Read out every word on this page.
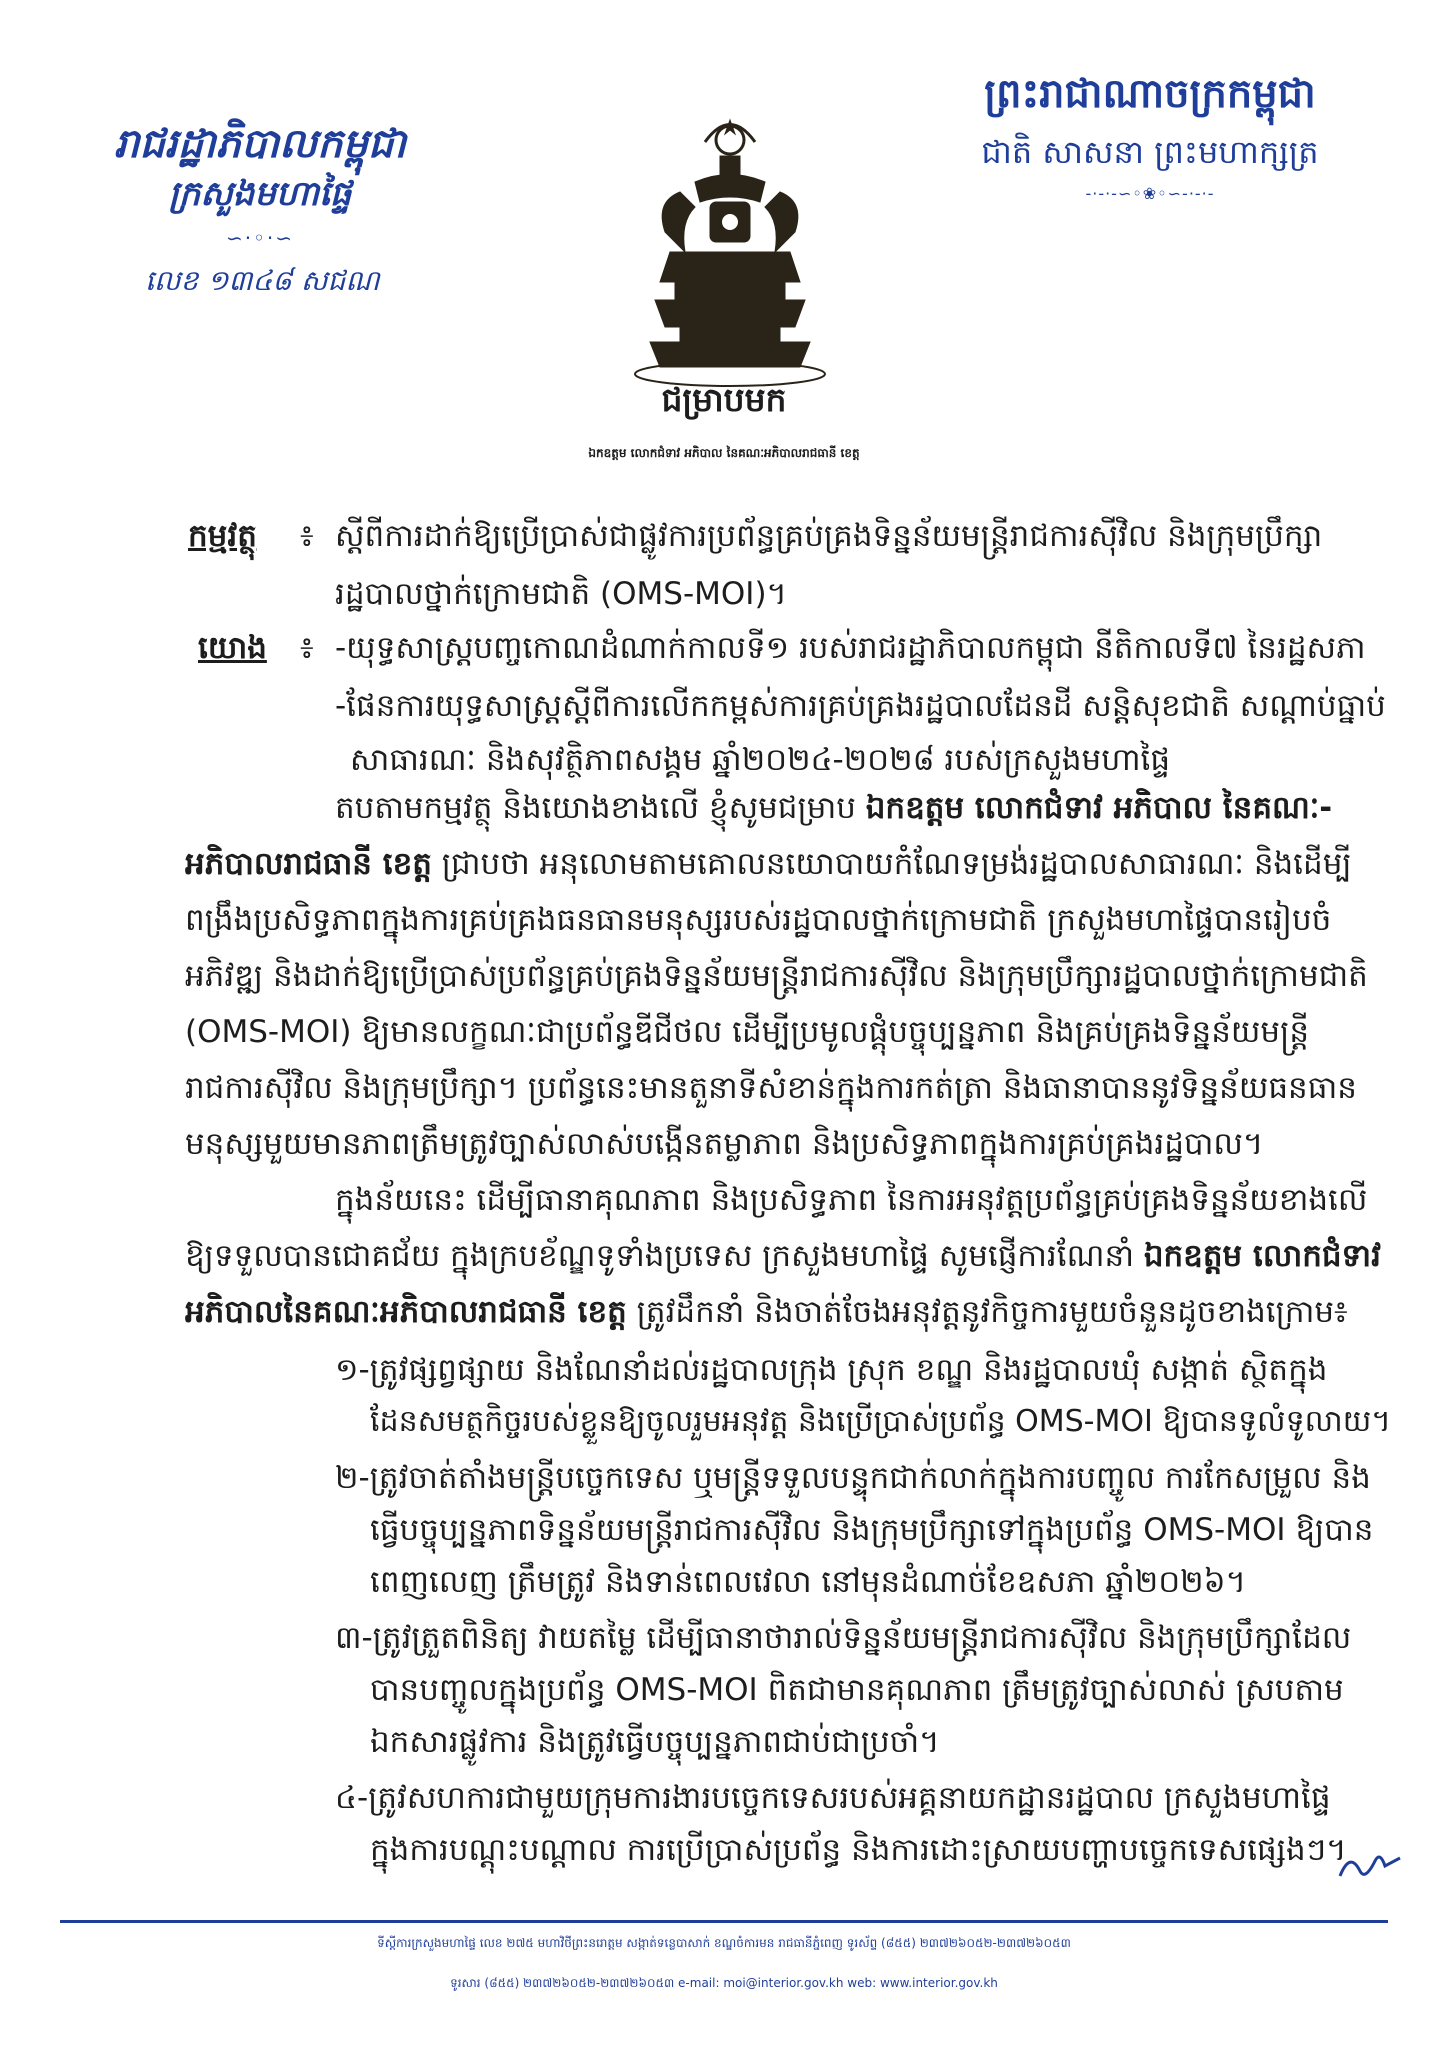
រាជរដ្ឋាភិបាលកម្ពុជា
ក្រសួងមហាផ្ទៃ
∽·◦·∽
លេខ ១៣៤៨ សជណ
ព្រះរាជាណាចក្រកម្ពុជា
ជាតិ សាសនា ព្រះមហាក្សត្រ
-·-·-∽◦❀◦∽-·-·-
ជម្រាបមក
ឯកឧត្តម លោកជំទាវ អភិបាល នៃគណៈអភិបាលរាជធានី ខេត្ត
កម្មវត្ថុ ៖ ស្តីពីការដាក់ឱ្យប្រើប្រាស់ជាផ្លូវការប្រព័ន្ធគ្រប់គ្រងទិន្នន័យមន្ត្រីរាជការស៊ីវិល និងក្រុមប្រឹក្សា
រដ្ឋបាលថ្នាក់ក្រោមជាតិ (OMS-MOI)។
យោង ៖ -យុទ្ធសាស្ត្របញ្ចកោណដំណាក់កាលទី១ របស់រាជរដ្ឋាភិបាលកម្ពុជា នីតិកាលទី៧ នៃរដ្ឋសភា
-ផែនការយុទ្ធសាស្ត្រស្តីពីការលើកកម្ពស់ការគ្រប់គ្រងរដ្ឋបាលដែនដី សន្តិសុខជាតិ សណ្តាប់ធ្នាប់
សាធារណៈ និងសុវត្ថិភាពសង្គម ឆ្នាំ២០២៤-២០២៨ របស់ក្រសួងមហាផ្ទៃ
តបតាមកម្មវត្ថុ និងយោងខាងលើ ខ្ញុំសូមជម្រាប ឯកឧត្តម លោកជំទាវ អភិបាល នៃគណៈ-
អភិបាលរាជធានី ខេត្ត ជ្រាបថា អនុលោមតាមគោលនយោបាយកំណែទម្រង់រដ្ឋបាលសាធារណៈ និងដើម្បី
ពង្រឹងប្រសិទ្ធភាពក្នុងការគ្រប់គ្រងធនធានមនុស្សរបស់រដ្ឋបាលថ្នាក់ក្រោមជាតិ ក្រសួងមហាផ្ទៃបានរៀបចំ
អភិវឌ្ឍ និងដាក់ឱ្យប្រើប្រាស់ប្រព័ន្ធគ្រប់គ្រងទិន្នន័យមន្ត្រីរាជការស៊ីវិល និងក្រុមប្រឹក្សារដ្ឋបាលថ្នាក់ក្រោមជាតិ
(OMS-MOI) ឱ្យមានលក្ខណៈជាប្រព័ន្ធឌីជីថល ដើម្បីប្រមូលផ្តុំបច្ចុប្បន្នភាព និងគ្រប់គ្រងទិន្នន័យមន្ត្រី
រាជការស៊ីវិល និងក្រុមប្រឹក្សា។ ប្រព័ន្ធនេះមានតួនាទីសំខាន់ក្នុងការកត់ត្រា និងធានាបាននូវទិន្នន័យធនធាន
មនុស្សមួយមានភាពត្រឹមត្រូវច្បាស់លាស់បង្កើនតម្លាភាព និងប្រសិទ្ធភាពក្នុងការគ្រប់គ្រងរដ្ឋបាល។
ក្នុងន័យនេះ ដើម្បីធានាគុណភាព និងប្រសិទ្ធភាព នៃការអនុវត្តប្រព័ន្ធគ្រប់គ្រងទិន្នន័យខាងលើ
ឱ្យទទួលបានជោគជ័យ ក្នុងក្របខ័ណ្ឌទូទាំងប្រទេស ក្រសួងមហាផ្ទៃ សូមផ្ញើការណែនាំ ឯកឧត្តម លោកជំទាវ
អភិបាលនៃគណៈអភិបាលរាជធានី ខេត្ត ត្រូវដឹកនាំ និងចាត់ចែងអនុវត្តនូវកិច្ចការមួយចំនួនដូចខាងក្រោម៖
១-ត្រូវផ្សព្វផ្សាយ និងណែនាំដល់រដ្ឋបាលក្រុង ស្រុក ខណ្ឌ និងរដ្ឋបាលឃុំ សង្កាត់ ស្ថិតក្នុង
ដែនសមត្ថកិច្ចរបស់ខ្លួនឱ្យចូលរួមអនុវត្ត និងប្រើប្រាស់ប្រព័ន្ធ OMS-MOI ឱ្យបានទូលំទូលាយ។
២-ត្រូវចាត់តាំងមន្ត្រីបច្ចេកទេស ឬមន្ត្រីទទួលបន្ទុកជាក់លាក់ក្នុងការបញ្ចូល ការកែសម្រួល និង
ធ្វើបច្ចុប្បន្នភាពទិន្នន័យមន្ត្រីរាជការស៊ីវិល និងក្រុមប្រឹក្សាទៅក្នុងប្រព័ន្ធ OMS-MOI ឱ្យបាន
ពេញលេញ ត្រឹមត្រូវ និងទាន់ពេលវេលា នៅមុនដំណាច់ខែឧសភា ឆ្នាំ២០២៦។
៣-ត្រូវត្រួតពិនិត្យ វាយតម្លៃ ដើម្បីធានាថារាល់ទិន្នន័យមន្ត្រីរាជការស៊ីវិល និងក្រុមប្រឹក្សាដែល
បានបញ្ចូលក្នុងប្រព័ន្ធ OMS-MOI ពិតជាមានគុណភាព ត្រឹមត្រូវច្បាស់លាស់ ស្របតាម
ឯកសារផ្លូវការ និងត្រូវធ្វើបច្ចុប្បន្នភាពជាប់ជាប្រចាំ។
ទីស្តីការក្រសួងមហាផ្ទៃ លេខ ២៧៥ មហាវិថីព្រះនរោត្តម សង្កាត់ទន្លេបាសាក់ ខណ្ឌចំការមន រាជធានីភ្នំពេញ ទូរស័ព្ទ (៨៥៥) ២៣៧២៦០៥២-២៣៧២៦០៥៣
ទូរសារ (៨៥៥) ២៣៧២៦០៥២-២៣៧២៦០៥៣ e-mail: moi@interior.gov.kh web: www.interior.gov.kh
៤-ត្រូវសហការជាមួយក្រុមការងារបច្ចេកទេសរបស់អគ្គនាយកដ្ឋានរដ្ឋបាល ក្រសួងមហាផ្ទៃ
ក្នុងការបណ្តុះបណ្តាល ការប្រើប្រាស់ប្រព័ន្ធ និងការដោះស្រាយបញ្ហាបច្ចេកទេសផ្សេងៗ។
